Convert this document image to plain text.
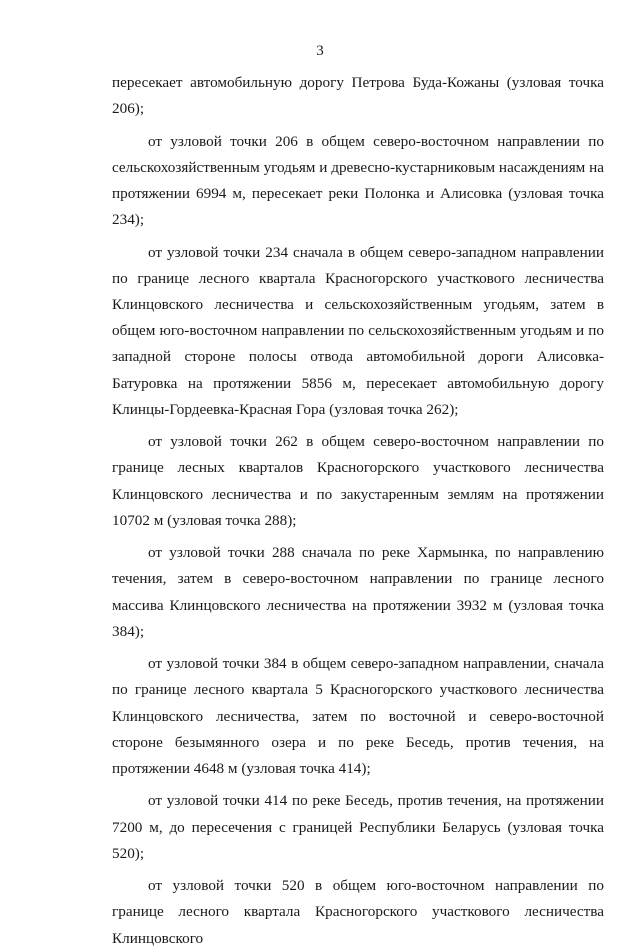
3

пересекает автомобильную дорогу Петрова Буда-Кожаны (узловая точка 206);

от узловой точки 206 в общем северо-восточном направлении по сельскохозяйственным угодьям и древесно-кустарниковым насаждениям на протяжении 6994 м, пересекает реки Полонка и Алисовка (узловая точка 234);

от узловой точки 234 сначала в общем северо-западном направлении по границе лесного квартала Красногорского участкового лесничества Клинцовского лесничества и сельскохозяйственным угодьям, затем в общем юго-восточном направлении по сельскохозяйственным угодьям и по западной стороне полосы отвода автомобильной дороги Алисовка-Батуровка на протяжении 5856 м, пересекает автомобильную дорогу Клинцы-Гордеевка-Красная Гора (узловая точка 262);

от узловой точки 262 в общем северо-восточном направлении по границе лесных кварталов Красногорского участкового лесничества Клинцовского лесничества и по закустаренным землям на протяжении 10702 м (узловая точка 288);

от узловой точки 288 сначала по реке Хармынка, по направлению течения, затем в северо-восточном направлении по границе лесного массива Клинцовского лесничества на протяжении 3932 м (узловая точка 384);

от узловой точки 384 в общем северо-западном направлении, сначала по границе лесного квартала 5 Красногорского участкового лесничества Клинцовского лесничества, затем по восточной и северо-восточной стороне безымянного озера и по реке Беседь, против течения, на протяжении 4648 м (узловая точка 414);

от узловой точки 414 по реке Беседь, против течения, на протяжении 7200 м, до пересечения с границей Республики Беларусь (узловая точка 520);

от узловой точки 520 в общем юго-восточном направлении по границе лесного квартала Красногорского участкового лесничества Клинцовского
